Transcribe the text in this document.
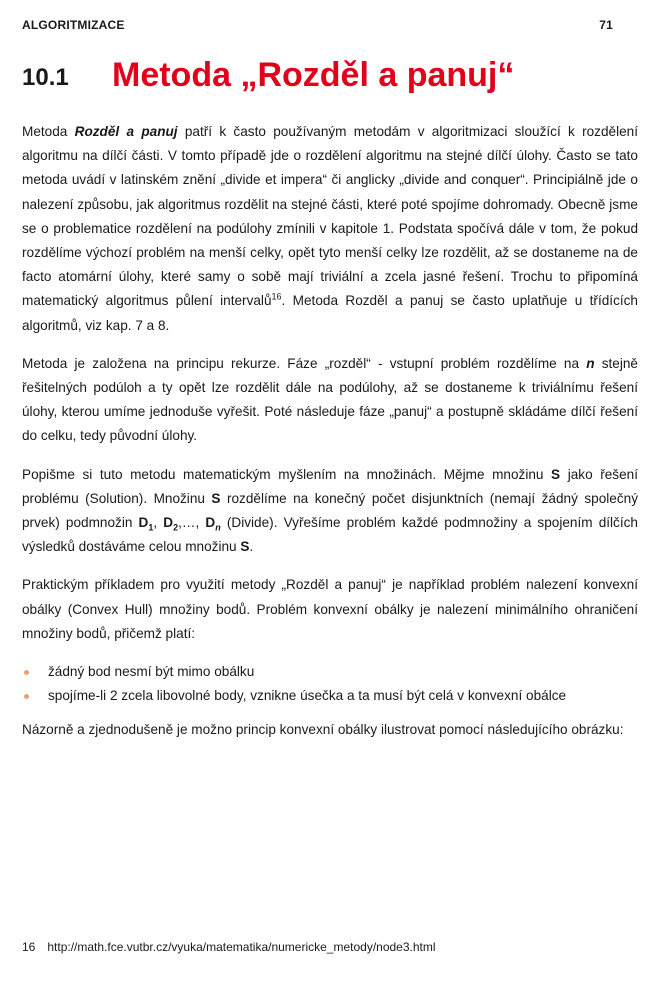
ALGORITMIZACE	71
10.1 Metoda „Rozděl a panuj“

Metoda Rozděl a panuj patří k často používaným metodám v algoritmizaci sloužící k rozdělení algoritmu na dílčí části. V tomto případě jde o rozdělení algoritmu na stejné dílčí úlohy. Často se tato metoda uvádí v latinském znění „divide et impera“ či anglicky „divide and conquer“. Principiálně jde o nalezení způsobu, jak algoritmus rozdělit na stejné části, které poté spojíme dohromady. Obecně jsme se o problematice rozdělení na podúlohy zmínili v kapitole 1. Podstata spočívá dále v tom, že pokud rozdělíme výchozí problém na menší celky, opět tyto menší celky lze rozdělit, až se dostaneme na de facto atomární úlohy, které samy o sobě mají triviální a zcela jasné řešení. Trochu to připomíná matematický algoritmus půlení intervalů$^{16}$. Metoda Rozděl a panuj se často uplatňuje u třídících algoritmů, viz kap. 7 a 8.

Metoda je založena na principu rekurze. Fáze „rozděl“ - vstupní problém rozdělíme na n stejně řešitelných podúloh a ty opět lze rozdělit dále na podúlohy, až se dostaneme k triviálnímu řešení úlohy, kterou umíme jednoduše vyřešit. Poté následuje fáze „panuj“ a postupně skládáme dílčí řešení do celku, tedy původní úlohy.

Popišme si tuto metodu matematickým myšlením na množinách. Mějme množinu S jako řešení problému (Solution). Množinu S rozdělíme na konečný počet disjunktních (nemají žádný společný prvek) podmnožin $D_1$, $D_2,\dots$, $D_n$ (Divide). Vyřešíme problém každé podmnožiny a spojením dílčích výsledků dostáváme celou množinu S.

Praktickým příkladem pro využití metody „Rozděl a panuj“ je například problém nalezení konvexní obálky (Convex Hull) množiny bodů. Problém konvexní obálky je nalezení minimálního ohraničení množiny bodů, přičemž platí:

žádný bod nesmí být mimo obálku
spojíme-li 2 zcela libovolné body, vznikne úsečka a ta musí být celá v konvexní obálce

Názorně a zjednodušeně je možno princip konvexní obálky ilustrovat pomocí následujícího obrázku:

16 http://math.fce.vutbr.cz/vyuka/matematika/numericke_metody/node3.html
